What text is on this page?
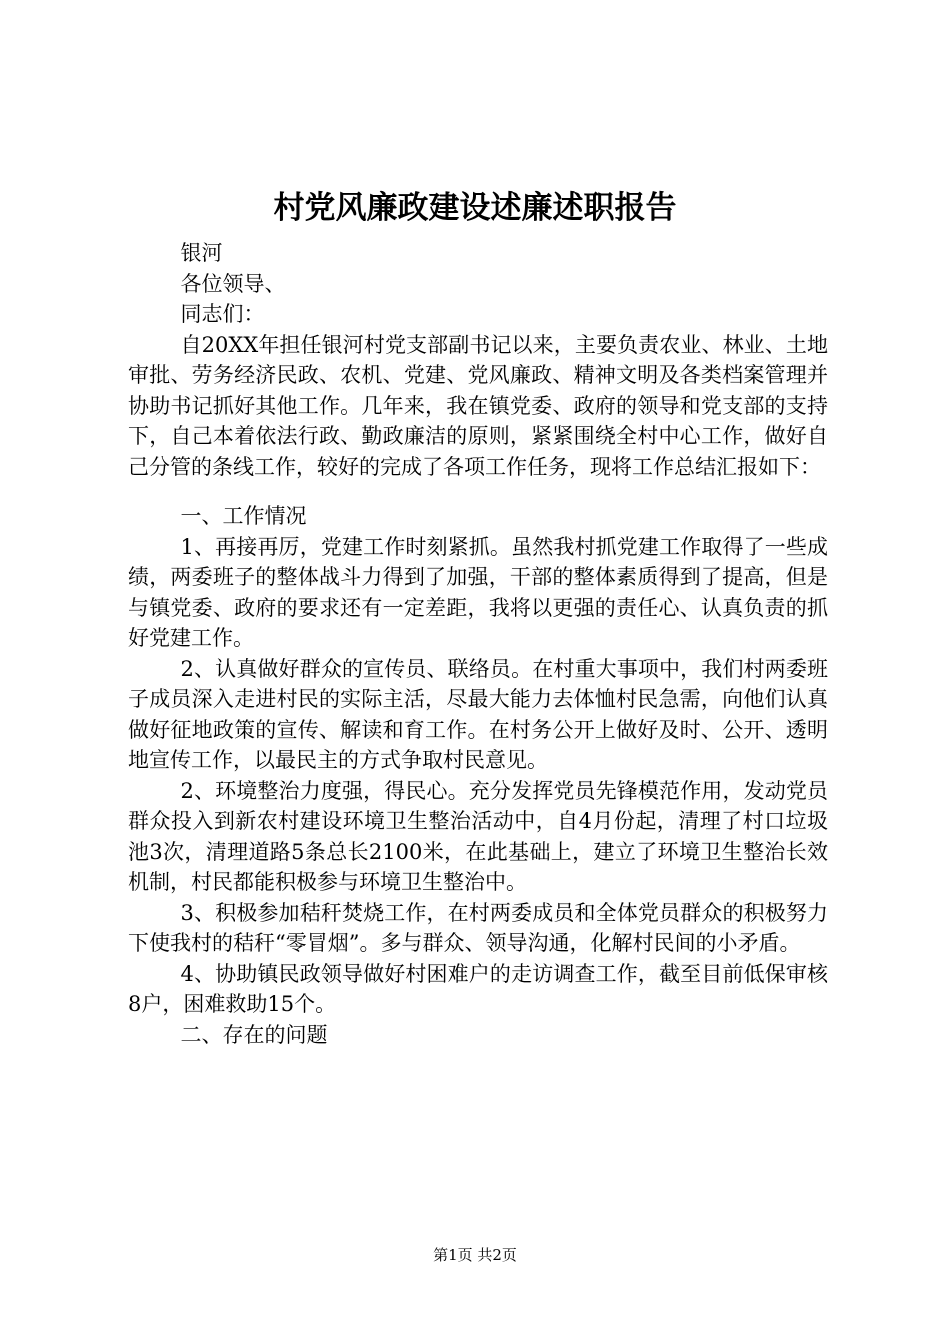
村党风廉政建设述廉述职报告

银河

各位领导、

同志们：

自20XX年担任银河村党支部副书记以来，主要负责农业、林业、土地审批、劳务经济民政、农机、党建、党风廉政、精神文明及各类档案管理并协助书记抓好其他工作。几年来，我在镇党委、政府的领导和党支部的支持下，自己本着依法行政、勤政廉洁的原则，紧紧围绕全村中心工作，做好自己分管的条线工作，较好的完成了各项工作任务，现将工作总结汇报如下：

一、工作情况

1、再接再厉，党建工作时刻紧抓。虽然我村抓党建工作取得了一些成绩，两委班子的整体战斗力得到了加强，干部的整体素质得到了提高，但是与镇党委、政府的要求还有一定差距，我将以更强的责任心、认真负责的抓好党建工作。

2、认真做好群众的宣传员、联络员。在村重大事项中，我们村两委班子成员深入走进村民的实际主活，尽最大能力去体恤村民急需，向他们认真做好征地政策的宣传、解读和育工作。在村务公开上做好及时、公开、透明地宣传工作，以最民主的方式争取村民意见。

2、环境整治力度强，得民心。充分发挥党员先锋模范作用，发动党员群众投入到新农村建设环境卫生整治活动中，自4月份起，清理了村口垃圾池3次，清理道路5条总长2100米，在此基础上，建立了环境卫生整治长效机制，村民都能积极参与环境卫生整治中。

3、积极参加秸秆焚烧工作，在村两委成员和全体党员群众的积极努力下使我村的秸秆“零冒烟”。多与群众、领导沟通，化解村民间的小矛盾。

4、协助镇民政领导做好村困难户的走访调查工作，截至目前低保审核8户，困难救助15个。

二、存在的问题

第1页 共2页
